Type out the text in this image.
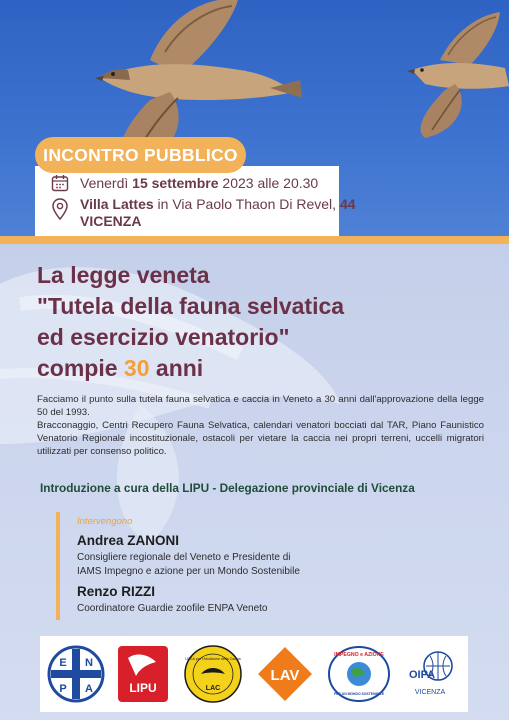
Venerdì 15 settembre 2023 alle 20.30
Villa Lattes in Via Paolo Thaon Di Revel, 44
VICENZA
INCONTRO PUBBLICO
La legge veneta
"Tutela della fauna selvatica
ed esercizio venatorio"
compie 30 anni
Facciamo il punto sulla tutela fauna selvatica e caccia in Veneto a 30 anni dall'approvazione della legge 50 del 1993.
Bracconaggio, Centri Recupero Fauna Selvatica, calendari venatori bocciati dal TAR, Piano Faunistico Venatorio Regionale incostituzionale, ostacoli per vietare la caccia nei propri terreni, uccelli migratori utilizzati per consenso politico.
Introduzione a cura della LIPU - Delegazione provinciale di Vicenza
Intervengono
Andrea ZANONI
Consigliere regionale del Veneto e Presidente di
IAMS Impegno e azione per un Mondo Sostenibile
Renzo RIZZI
Coordinatore Guardie zoofile ENPA Veneto
E N
P A	LIPU
LEGA per l'Abolizione della Caccia
LAC
LAV
IMPEGNO e AZIONE
PER UN MONDO SOSTENIBILE
OIPA
VICENZA
